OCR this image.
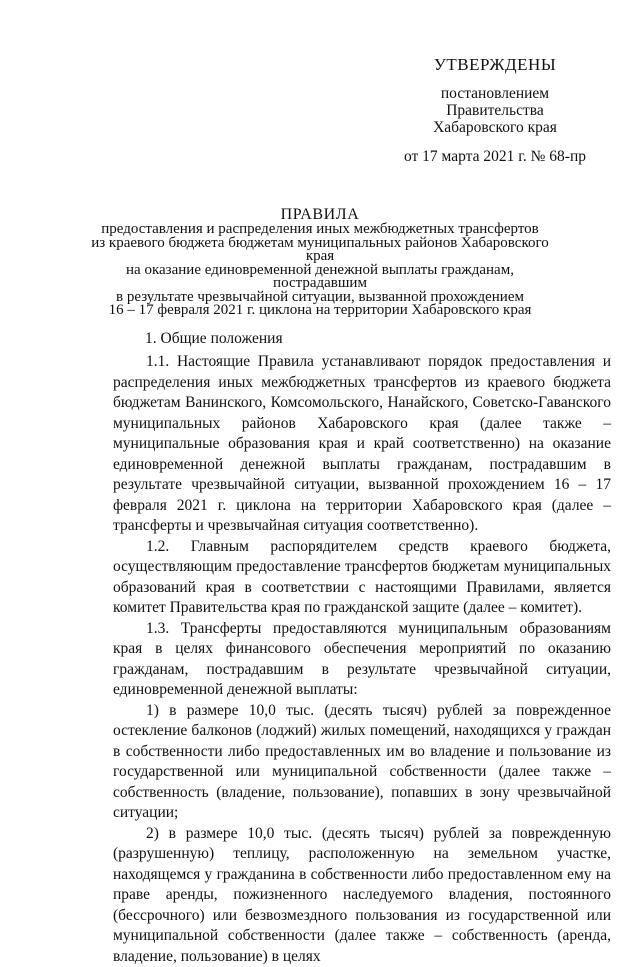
УТВЕРЖДЕНЫ
постановлением
Правительства
Хабаровского края
от 17 марта 2021 г. № 68-пр
ПРАВИЛА
предоставления и распределения иных межбюджетных трансфертов
из краевого бюджета бюджетам муниципальных районов Хабаровского края
на оказание единовременной денежной выплаты гражданам, пострадавшим
в результате чрезвычайной ситуации, вызванной прохождением
16 – 17 февраля 2021 г. циклона на территории Хабаровского края
1. Общие положения

1.1. Настоящие Правила устанавливают порядок предоставления и распределения иных межбюджетных трансфертов из краевого бюджета бюджетам Ванинского, Комсомольского, Нанайского, Советско-Гаванского муниципальных районов Хабаровского края (далее также – муниципальные образования края и край соответственно) на оказание единовременной денежной выплаты гражданам, пострадавшим в результате чрезвычайной ситуации, вызванной прохождением 16 – 17 февраля 2021 г. циклона на территории Хабаровского края (далее – трансферты и чрезвычайная ситуация соответственно).

1.2. Главным распорядителем средств краевого бюджета, осуществляющим предоставление трансфертов бюджетам муниципальных образований края в соответствии с настоящими Правилами, является комитет Правительства края по гражданской защите (далее – комитет).

1.3. Трансферты предоставляются муниципальным образованиям края в целях финансового обеспечения мероприятий по оказанию гражданам, пострадавшим в результате чрезвычайной ситуации, единовременной денежной выплаты:

1) в размере 10,0 тыс. (десять тысяч) рублей за поврежденное остекление балконов (лоджий) жилых помещений, находящихся у граждан в собственности либо предоставленных им во владение и пользование из государственной или муниципальной собственности (далее также – собственность (владение, пользование), попавших в зону чрезвычайной ситуации;

2) в размере 10,0 тыс. (десять тысяч) рублей за поврежденную (разрушенную) теплицу, расположенную на земельном участке, находящемся у гражданина в собственности либо предоставленном ему на праве аренды, пожизненного наследуемого владения, постоянного (бессрочного) или безвозмездного пользования из государственной или муниципальной собственности (далее также – собственность (аренда, владение, пользование) в целях
